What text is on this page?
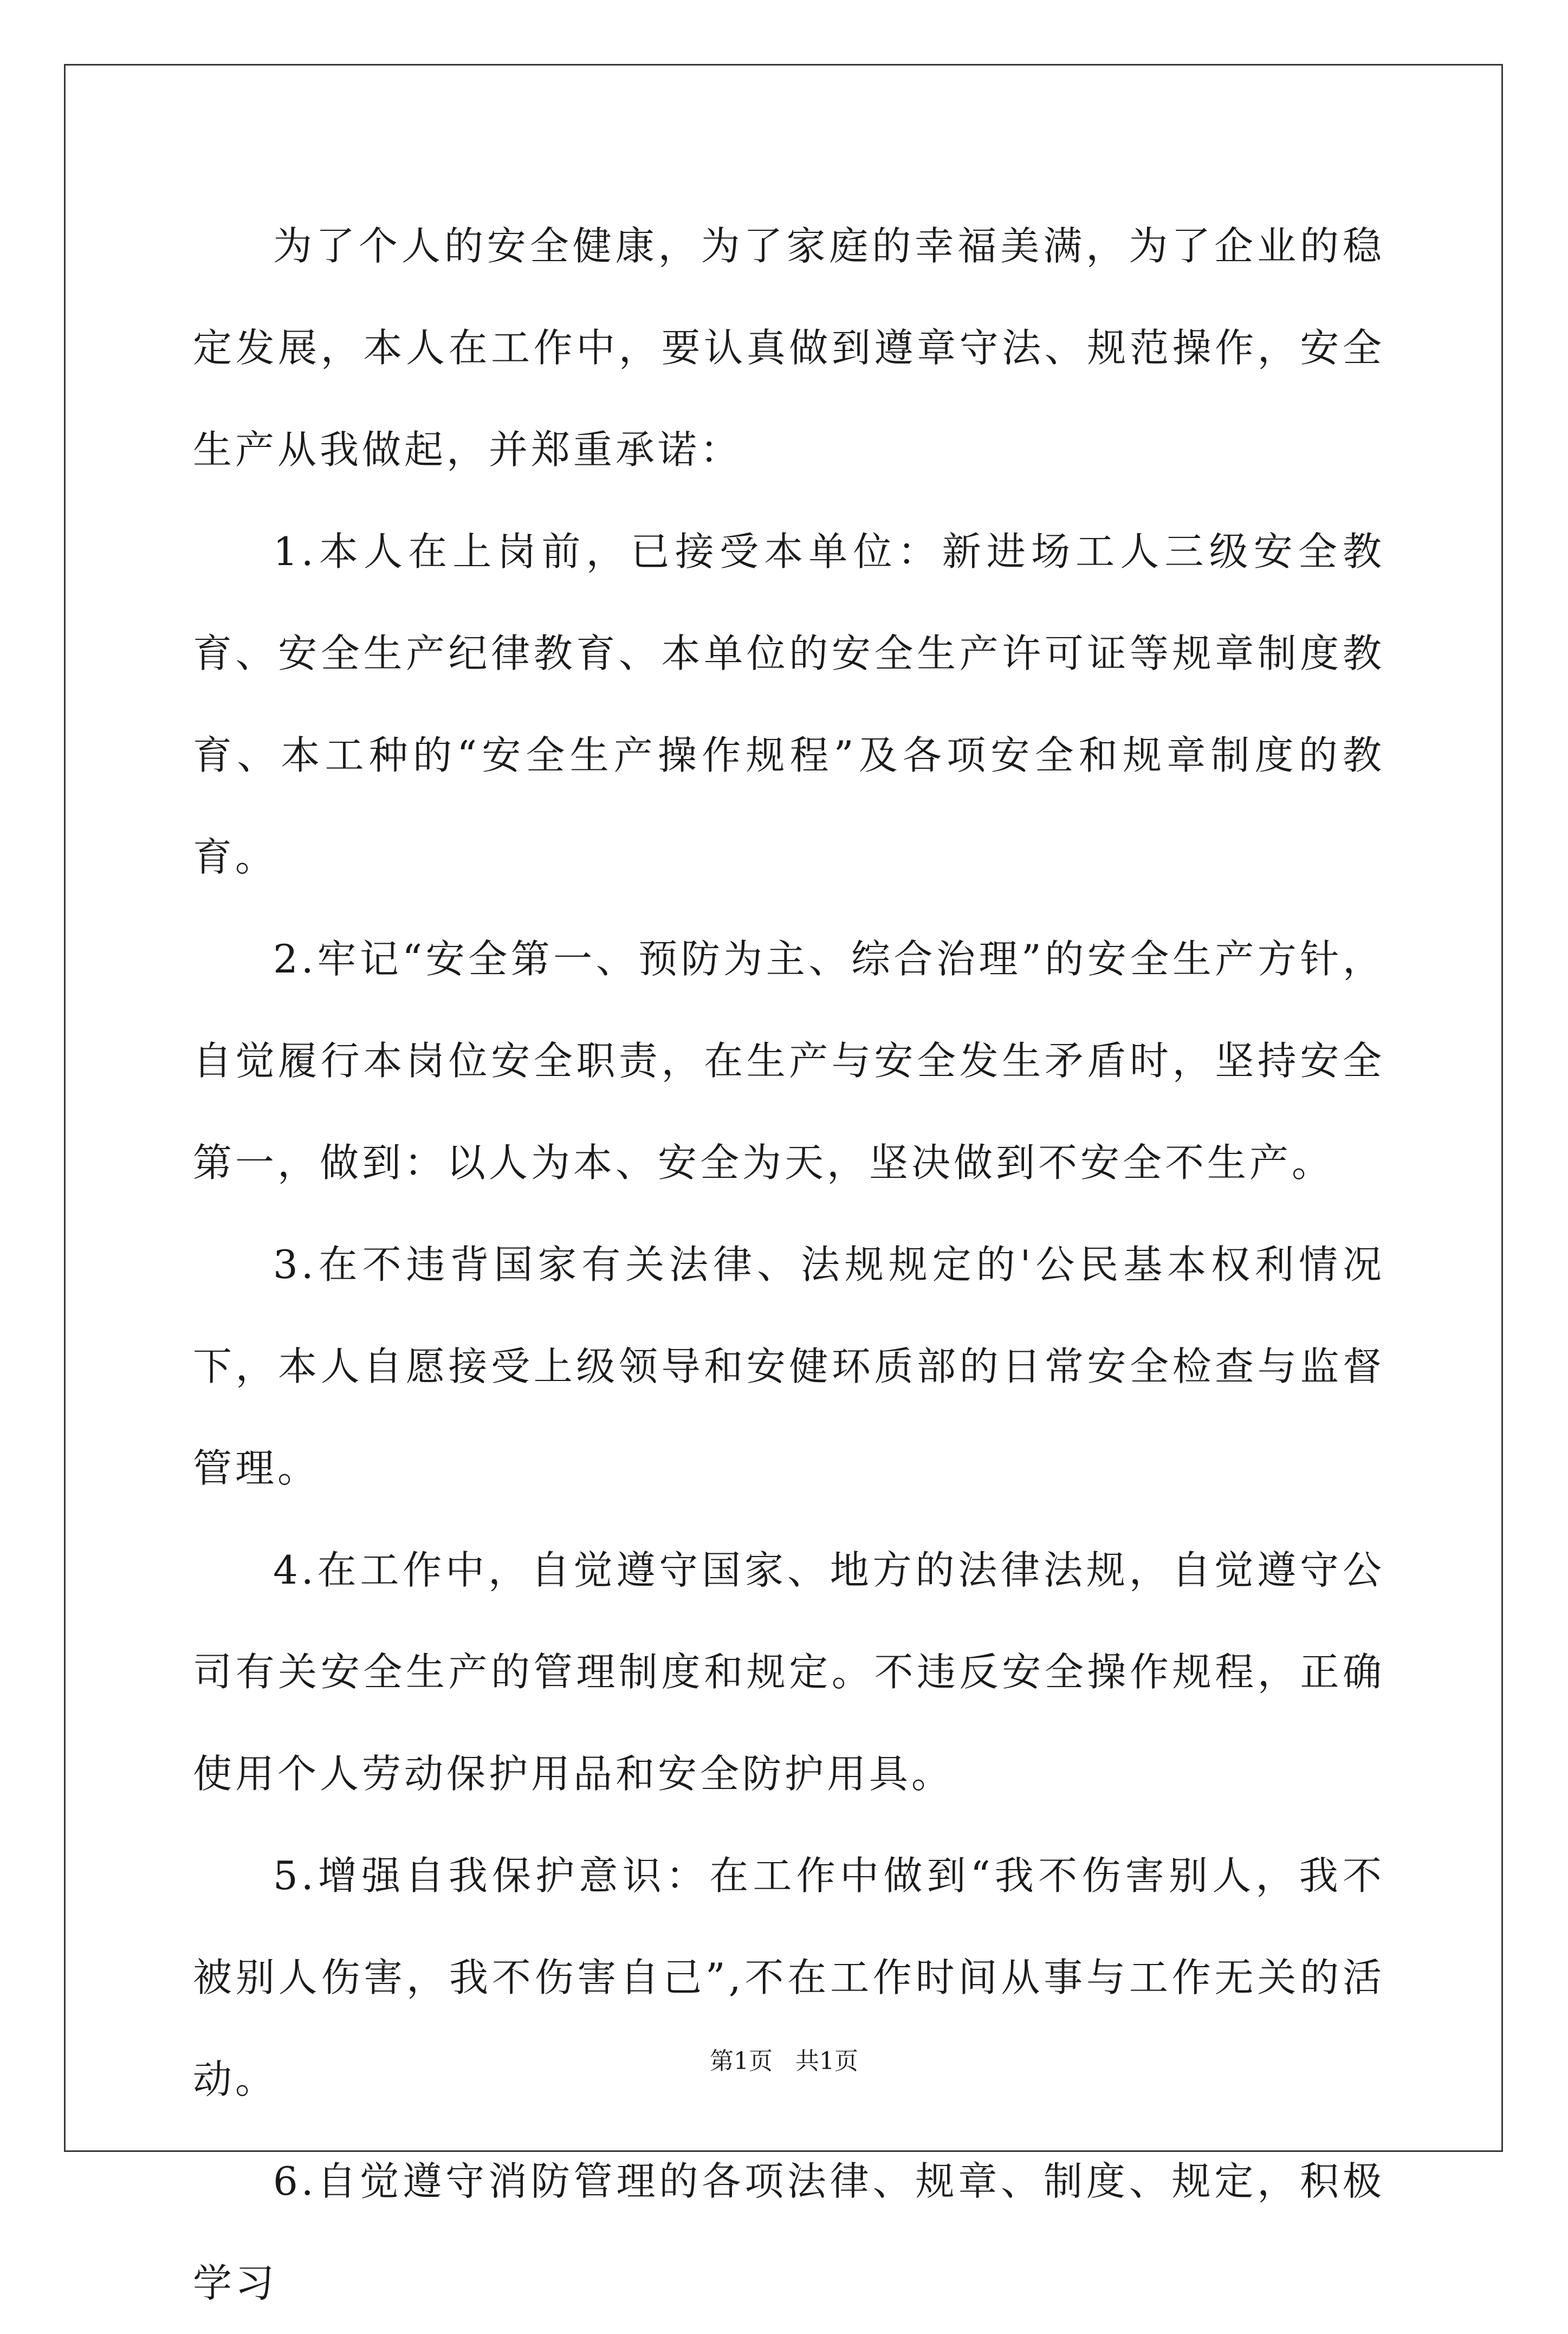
为了个人的安全健康，为了家庭的幸福美满，为了企业的稳定发展，本人在工作中，要认真做到遵章守法、规范操作，安全生产从我做起，并郑重承诺：

1.本人在上岗前，已接受本单位：新进场工人三级安全教育、安全生产纪律教育、本单位的安全生产许可证等规章制度教育、本工种的“安全生产操作规程”及各项安全和规章制度的教育。

2.牢记“安全第一、预防为主、综合治理”的安全生产方针，自觉履行本岗位安全职责，在生产与安全发生矛盾时，坚持安全第一，做到：以人为本、安全为天，坚决做到不安全不生产。

3.在不违背国家有关法律、法规规定的'公民基本权利情况下，本人自愿接受上级领导和安健环质部的日常安全检查与监督管理。

4.在工作中，自觉遵守国家、地方的法律法规，自觉遵守公司有关安全生产的管理制度和规定。不违反安全操作规程，正确使用个人劳动保护用品和安全防护用具。

5.增强自我保护意识：在工作中做到“我不伤害别人，我不被别人伤害，我不伤害自己”,不在工作时间从事与工作无关的活动。

6.自觉遵守消防管理的各项法律、规章、制度、规定，积极学习

第1页   共1页
